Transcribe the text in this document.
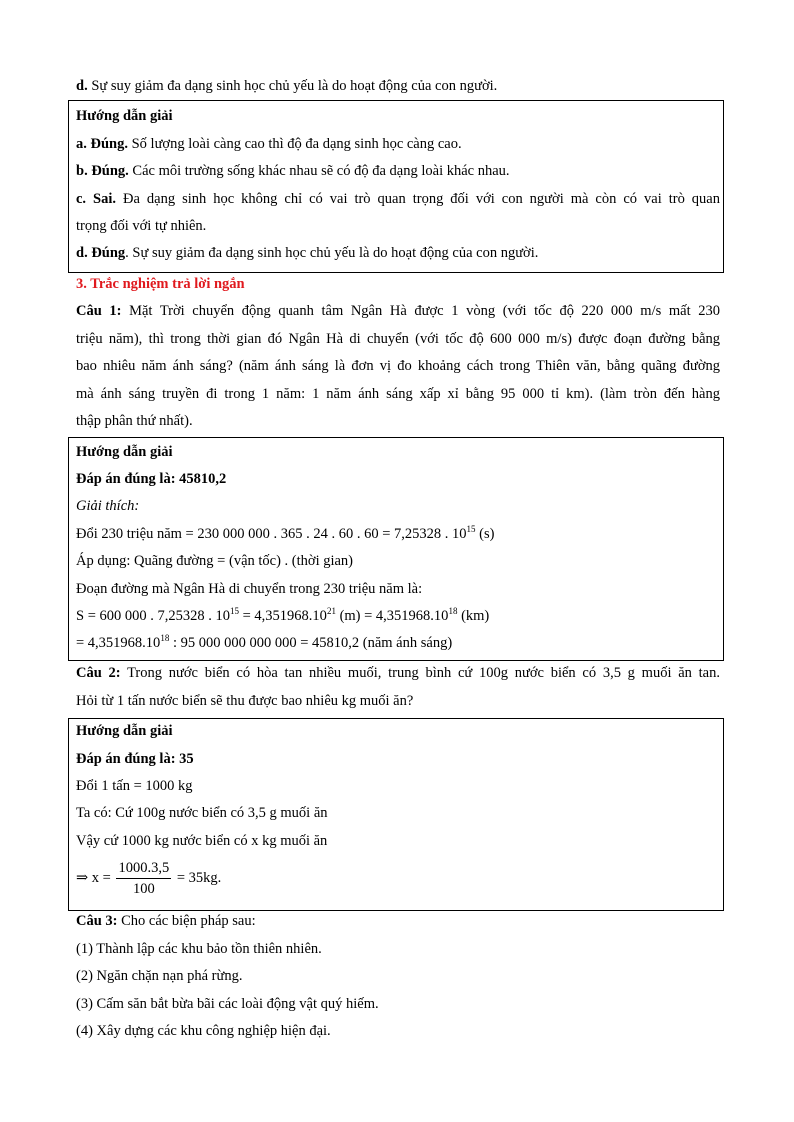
d. Sự suy giảm đa dạng sinh học chủ yếu là do hoạt động của con người.
Hướng dẫn giải
a. Đúng. Số lượng loài càng cao thì độ đa dạng sinh học càng cao.
b. Đúng. Các môi trường sống khác nhau sẽ có độ đa dạng loài khác nhau.
c. Sai. Đa dạng sinh học không chỉ có vai trò quan trọng đối với con người mà còn có vai trò quan
trọng đối với tự nhiên.
d. Đúng. Sự suy giảm đa dạng sinh học chủ yếu là do hoạt động của con người.
3. Trắc nghiệm trả lời ngắn
Câu 1: Mặt Trời chuyển động quanh tâm Ngân Hà được 1 vòng (với tốc độ 220 000 m/s mất 230
triệu năm), thì trong thời gian đó Ngân Hà di chuyển (với tốc độ 600 000 m/s) được đoạn đường bằng
bao nhiêu năm ánh sáng? (năm ánh sáng là đơn vị đo khoảng cách trong Thiên văn, bằng quãng đường
mà ánh sáng truyền đi trong 1 năm: 1 năm ánh sáng xấp xỉ bằng 95 000 tỉ km). (làm tròn đến hàng
thập phân thứ nhất).
Hướng dẫn giải
Đáp án đúng là: 45810,2
Giải thích:
Đổi 230 triệu năm = 230 000 000 . 365 . 24 . 60 . 60 = 7,25328 . $10^{15}$ (s)
Áp dụng: Quãng đường = (vận tốc) . (thời gian)
Đoạn đường mà Ngân Hà di chuyển trong 230 triệu năm là:
S = 600 000 . 7,25328 . $10^{15} = 4,351968.10^{21}$ $(m) = 4,351968.10^{18}$ (km)
= $4,351968.10^{18}$ : 95 000 000 000 000 = 45810,2 (năm ánh sáng)
Câu 2: Trong nước biển có hòa tan nhiều muối, trung bình cứ 100g nước biển có 3,5 g muối ăn tan.
Hỏi từ 1 tấn nước biển sẽ thu được bao nhiêu kg muối ăn?
Hướng dẫn giải
Đáp án đúng là: 35
Đổi 1 tấn = 1000 kg
Ta có: Cứ 100g nước biển có 3,5 g muối ăn
Vậy cứ 1000 kg nước biển có x kg muối ăn
⇒ $x = \frac{1000.3,5}{100} = 35kg$.
Câu 3: Cho các biện pháp sau:
(1) Thành lập các khu bảo tồn thiên nhiên.
(2) Ngăn chặn nạn phá rừng.
(3) Cấm săn bắt bừa bãi các loài động vật quý hiếm.
(4) Xây dựng các khu công nghiệp hiện đại.
